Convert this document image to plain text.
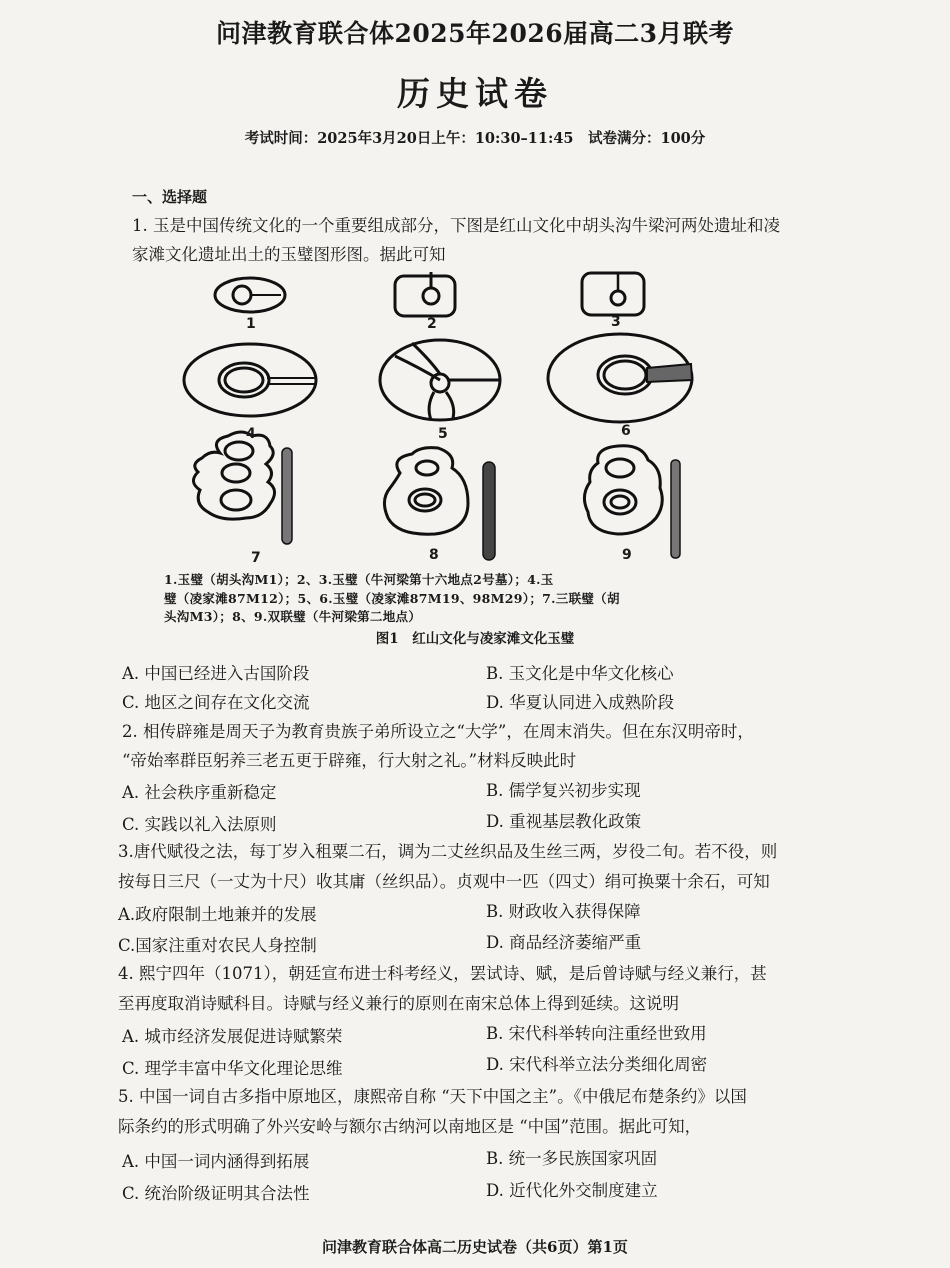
问津教育联合体2025年2026届高二3月联考
历史试卷
考试时间：2025年3月20日上午：10:30–11:45　试卷满分：100分
一、选择题
1. 玉是中国传统文化的一个重要组成部分，下图是红山文化中胡头沟牛梁河两处遗址和凌
家滩文化遗址出土的玉璧图形图。据此可知
1	2	3
4	5	6
7	8	9
1.玉璧（胡头沟M1）；2、3.玉璧（牛河梁第十六地点2号墓）；4.玉
璧（凌家滩87M12）；5、6.玉璧（凌家滩87M19、98M29）；7.三联璧（胡
头沟M3）；8、9.双联璧（牛河梁第二地点）
图1　红山文化与凌家滩文化玉璧
A. 中国已经进入古国阶段	B. 玉文化是中华文化核心
C. 地区之间存在文化交流	D. 华夏认同进入成熟阶段
2. 相传辟雍是周天子为教育贵族子弟所设立之“大学”，在周末消失。但在东汉明帝时，
“帝始率群臣躬养三老五更于辟雍，行大射之礼。”材料反映此时
A. 社会秩序重新稳定	B. 儒学复兴初步实现
C. 实践以礼入法原则	D. 重视基层教化政策
3.唐代赋役之法，每丁岁入租粟二石，调为二丈丝织品及生丝三两，岁役二旬。若不役，则
按每日三尺（一丈为十尺）收其庸（丝织品）。贞观中一匹（四丈）绢可换粟十余石，可知
A.政府限制土地兼并的发展	B. 财政收入获得保障
C.国家注重对农民人身控制	D. 商品经济萎缩严重
4. 熙宁四年（1071），朝廷宣布进士科考经义，罢试诗、赋，是后曾诗赋与经义兼行，甚
至再度取消诗赋科目。诗赋与经义兼行的原则在南宋总体上得到延续。这说明
A. 城市经济发展促进诗赋繁荣	B. 宋代科举转向注重经世致用
C. 理学丰富中华文化理论思维	D. 宋代科举立法分类细化周密
5. 中国一词自古多指中原地区，康熙帝自称 “天下中国之主”。《中俄尼布楚条约》以国
际条约的形式明确了外兴安岭与额尔古纳河以南地区是 “中国”范围。据此可知，
A. 中国一词内涵得到拓展	B. 统一多民族国家巩固
C. 统治阶级证明其合法性	D. 近代化外交制度建立
问津教育联合体高二历史试卷（共6页）第1页
